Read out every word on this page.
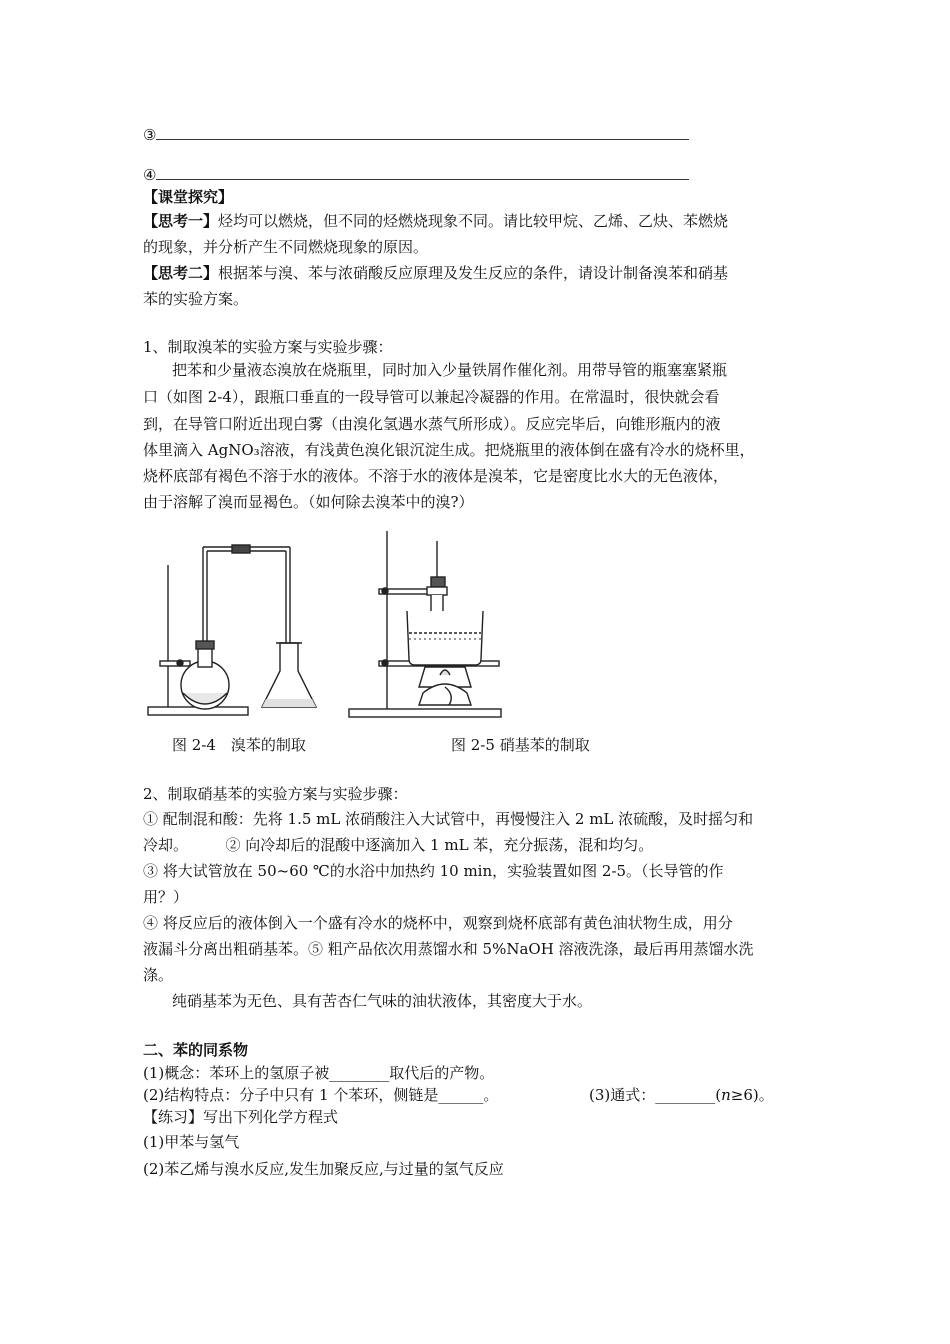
③
④
【课堂探究】
【思考一】烃均可以燃烧，但不同的烃燃烧现象不同。请比较甲烷、乙烯、乙炔、苯燃烧
的现象，并分析产生不同燃烧现象的原因。
【思考二】根据苯与溴、苯与浓硝酸反应原理及发生反应的条件，请设计制备溴苯和硝基
苯的实验方案。
1、制取溴苯的实验方案与实验步骤：
把苯和少量液态溴放在烧瓶里，同时加入少量铁屑作催化剂。用带导管的瓶塞塞紧瓶
口（如图 2-4），跟瓶口垂直的一段导管可以兼起冷凝器的作用。在常温时，很快就会看
到，在导管口附近出现白雾（由溴化氢遇水蒸气所形成）。反应完毕后，向锥形瓶内的液
体里滴入 AgNO₃溶液，有浅黄色溴化银沉淀生成。把烧瓶里的液体倒在盛有冷水的烧杯里，
烧杯底部有褐色不溶于水的液体。不溶于水的液体是溴苯，它是密度比水大的无色液体，
由于溶解了溴而显褐色。（如何除去溴苯中的溴?）
图 2-4　溴苯的制取	图 2-5 硝基苯的制取
2、制取硝基苯的实验方案与实验步骤：
① 配制混和酸：先将 1.5 mL 浓硝酸注入大试管中，再慢慢注入 2 mL 浓硫酸，及时摇匀和
冷却。　　　② 向冷却后的混酸中逐滴加入 1 mL 苯，充分振荡，混和均匀。
③ 将大试管放在 50~60 ℃的水浴中加热约 10 min，实验装置如图 2-5。（长导管的作
用？）
④ 将反应后的液体倒入一个盛有冷水的烧杯中，观察到烧杯底部有黄色油状物生成，用分
液漏斗分离出粗硝基苯。⑤ 粗产品依次用蒸馏水和 5%NaOH 溶液洗涤，最后再用蒸馏水洗
涤。
纯硝基苯为无色、具有苦杏仁气味的油状液体，其密度大于水。
二、苯的同系物
(1)概念：苯环上的氢原子被________取代后的产物。
(2)结构特点：分子中只有 1 个苯环，侧链是______。	(3)通式：________(n≥6)。
【练习】写出下列化学方程式
(1)甲苯与氢气
(2)苯乙烯与溴水反应,发生加聚反应,与过量的氢气反应
